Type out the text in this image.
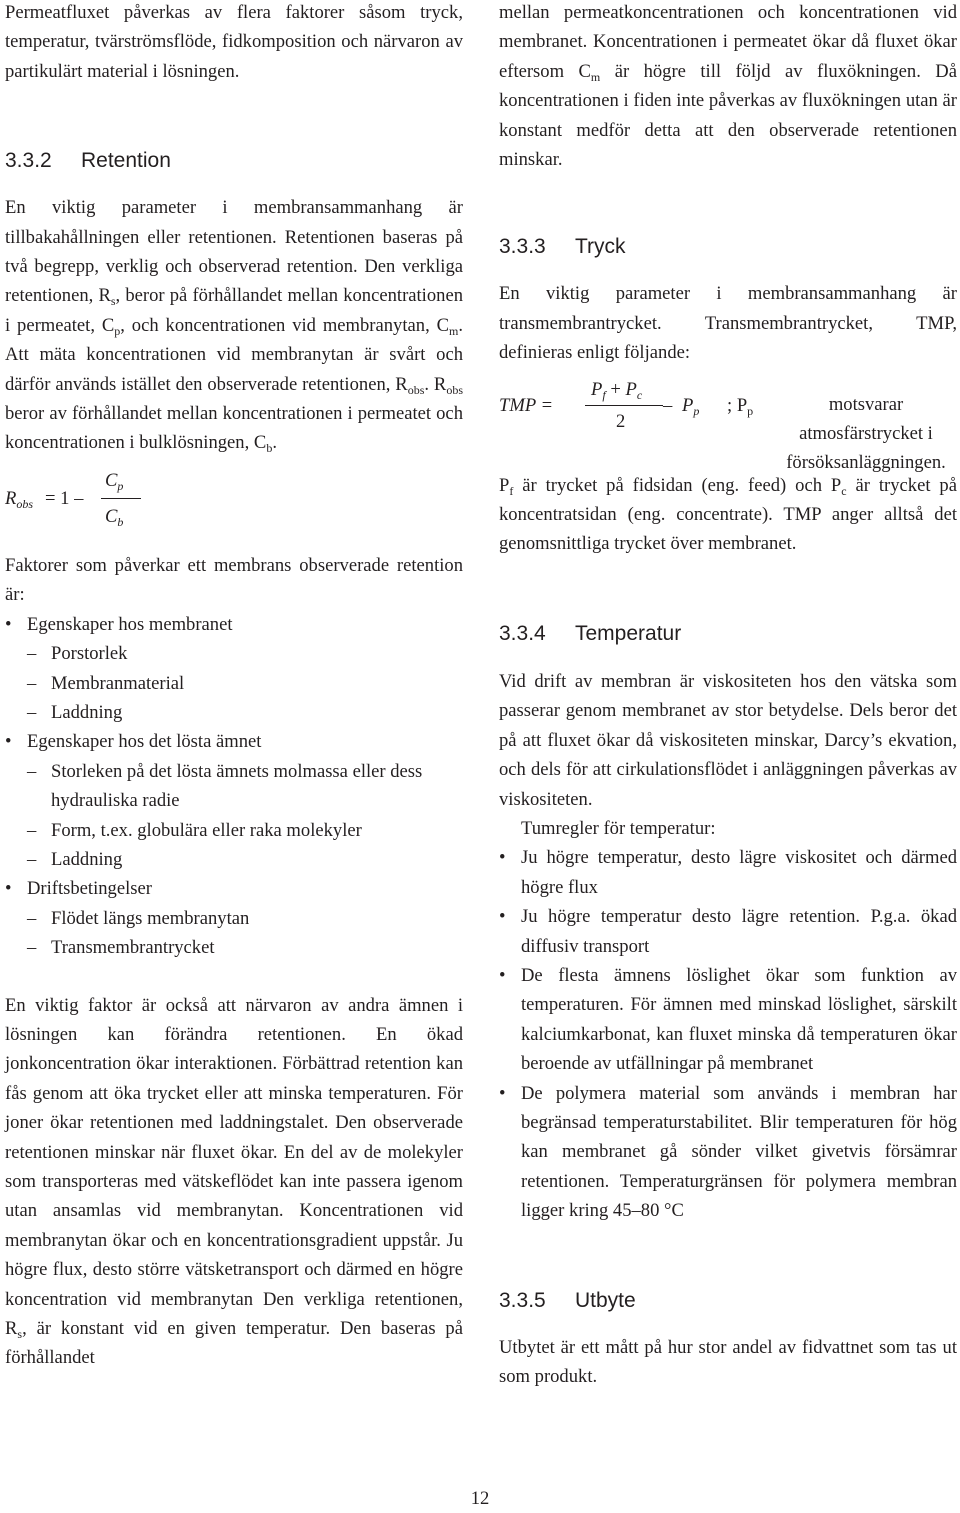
Permeatfluxet påverkas av flera faktorer såsom tryck, temperatur, tvärströmsflöde, fidkomposition och närvaron av partikulärt material i lösningen.

3.3.2 Retention

En viktig parameter i membransammanhang är tillbakahållningen eller retentionen. Retentionen baseras på två begrepp, verklig och observerad retention. Den verkliga retentionen, $R_s$, beror på förhållandet mellan koncentrationen i permeatet, $C_p$, och koncentrationen vid membranytan, $C_m$. Att mäta koncentrationen vid membranytan är svårt och därför används istället den observerade retentionen, $R_{obs}$. $R_{obs}$ beror av förhållandet mellan koncentrationen i permeatet och koncentrationen i bulklösningen, $C_b$.

$R_{obs} = 1$ –
$C_p$
$C_b$

Faktorer som påverkar ett membrans observerade retention är:

• Egenskaper hos membranet
– Porstorlek
– Membranmaterial
– Laddning
• Egenskaper hos det lösta ämnet
– Storleken på det lösta ämnets molmassa eller dess hydrauliska radie
– Form, t.ex. globulära eller raka molekyler
– Laddning
• Driftsbetingelser
– Flödet längs membranytan
– Transmembrantrycket

En viktig faktor är också att närvaron av andra ämnen i lösningen kan förändra retentionen. En ökad jonkoncentration ökar interaktionen. Förbättrad retention kan fås genom att öka trycket eller att minska temperaturen. För joner ökar retentionen med laddningstalet. Den observerade retentionen minskar när fluxet ökar. En del av de molekyler som transporteras med vätskeflödet kan inte passera igenom utan ansamlas vid membranytan. Koncentrationen vid membranytan ökar och en koncentrationsgradient uppstår. Ju högre flux, desto större vätsketransport och därmed en högre koncentration vid membranytan Den verkliga retentionen, $R_s$, är konstant vid en given temperatur. Den baseras på förhållandet

mellan permeatkoncentrationen och koncentrationen vid membranet. Koncentrationen i permeatet ökar då fluxet ökar eftersom $C_m$ är högre till följd av fluxökningen. Då koncentrationen i fiden inte påverkas av fluxökningen utan är konstant medför detta att den observerade retentionen minskar.

3.3.3 Tryck

En viktig parameter i membransammanhang är transmembrantrycket. Transmembrantrycket, TMP, definieras enligt följande:

TMP =
$P_f + P_c$
2
– $P_p$ ; $P_p$	motsvarar atmosfärstrycket i försöksanläggningen.

$P_f$ är trycket på fidsidan (eng. feed) och $P_c$ är trycket på koncentratsidan (eng. concentrate). TMP anger alltså det genomsnittliga trycket över membranet.

3.3.4 Temperatur

Vid drift av membran är viskositeten hos den vätska som passerar genom membranet av stor betydelse. Dels beror det på att fluxet ökar då viskositeten minskar, Darcy’s ekvation, och dels för att cirkulationsflödet i anläggningen påverkas av viskositeten.

Tumregler för temperatur:

• Ju högre temperatur, desto lägre viskositet och därmed högre flux
• Ju högre temperatur desto lägre retention. P.g.a. ökad diffusiv transport
• De flesta ämnens löslighet ökar som funktion av temperaturen. För ämnen med minskad löslighet, särskilt kalciumkarbonat, kan fluxet minska då temperaturen ökar beroende av utfällningar på membranet
• De polymera material som används i membran har begränsad temperaturstabilitet. Blir temperaturen för hög kan membranet gå sönder vilket givetvis försämrar retentionen. Temperaturgränsen för polymera membran ligger kring 45–80 °C
3.3.5 Utbyte

Utbytet är ett mått på hur stor andel av fidvattnet som tas ut som produkt.

12
